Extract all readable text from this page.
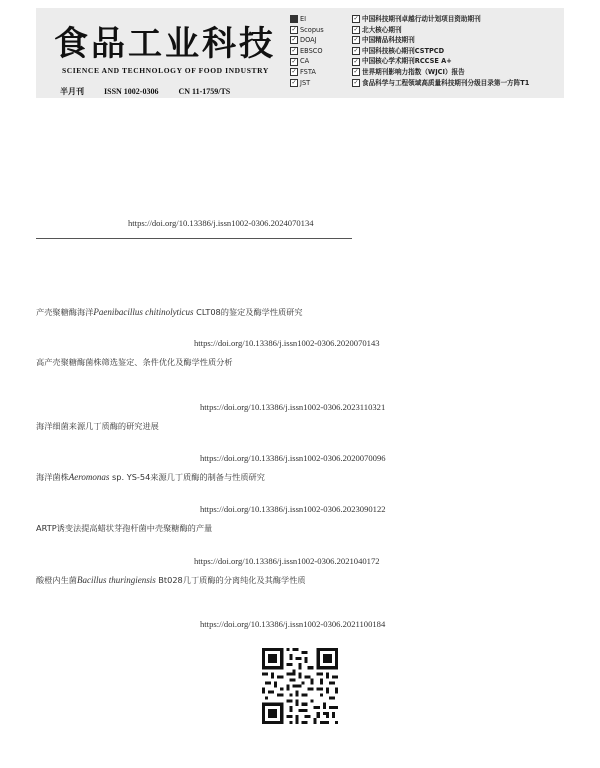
食品工业科技
SCIENCE AND TECHNOLOGY OF FOOD INDUSTRY
半月刊	ISSN 1002-0306	CN 11-1759/TS
EI
✓ Scopus
✓ DOAJ
✓ EBSCO
✓ CA
✓ FSTA
✓ JST
✓ 中国科技期刊卓越行动计划项目资助期刊
✓ 北大核心期刊
✓ 中国精品科技期刊
✓ 中国科技核心期刊CSTPCD
✓ 中国核心学术期刊RCCSE A+
✓ 世界期刊影响力指数（WJCI）报告
✓ 食品科学与工程领域高质量科技期刊分级目录第一方阵T1
https://doi.org/10.13386/j.issn1002-0306.2024070134
产壳聚糖酶海洋Paenibacillus chitinolyticus CLT08的鉴定及酶学性质研究
https://doi.org/10.13386/j.issn1002-0306.2020070143
高产壳聚糖酶菌株筛选鉴定、条件优化及酶学性质分析
https://doi.org/10.13386/j.issn1002-0306.2023110321
海洋细菌来源几丁质酶的研究进展
https://doi.org/10.13386/j.issn1002-0306.2020070096
海洋菌株Aeromonas sp. YS-54来源几丁质酶的制备与性质研究
https://doi.org/10.13386/j.issn1002-0306.2023090122
ARTP诱变法提高蜡状芽孢杆菌中壳聚糖酶的产量
https://doi.org/10.13386/j.issn1002-0306.2021040172
酸橙内生菌Bacillus thuringiensis Bt028几丁质酶的分离纯化及其酶学性质
https://doi.org/10.13386/j.issn1002-0306.2021100184
